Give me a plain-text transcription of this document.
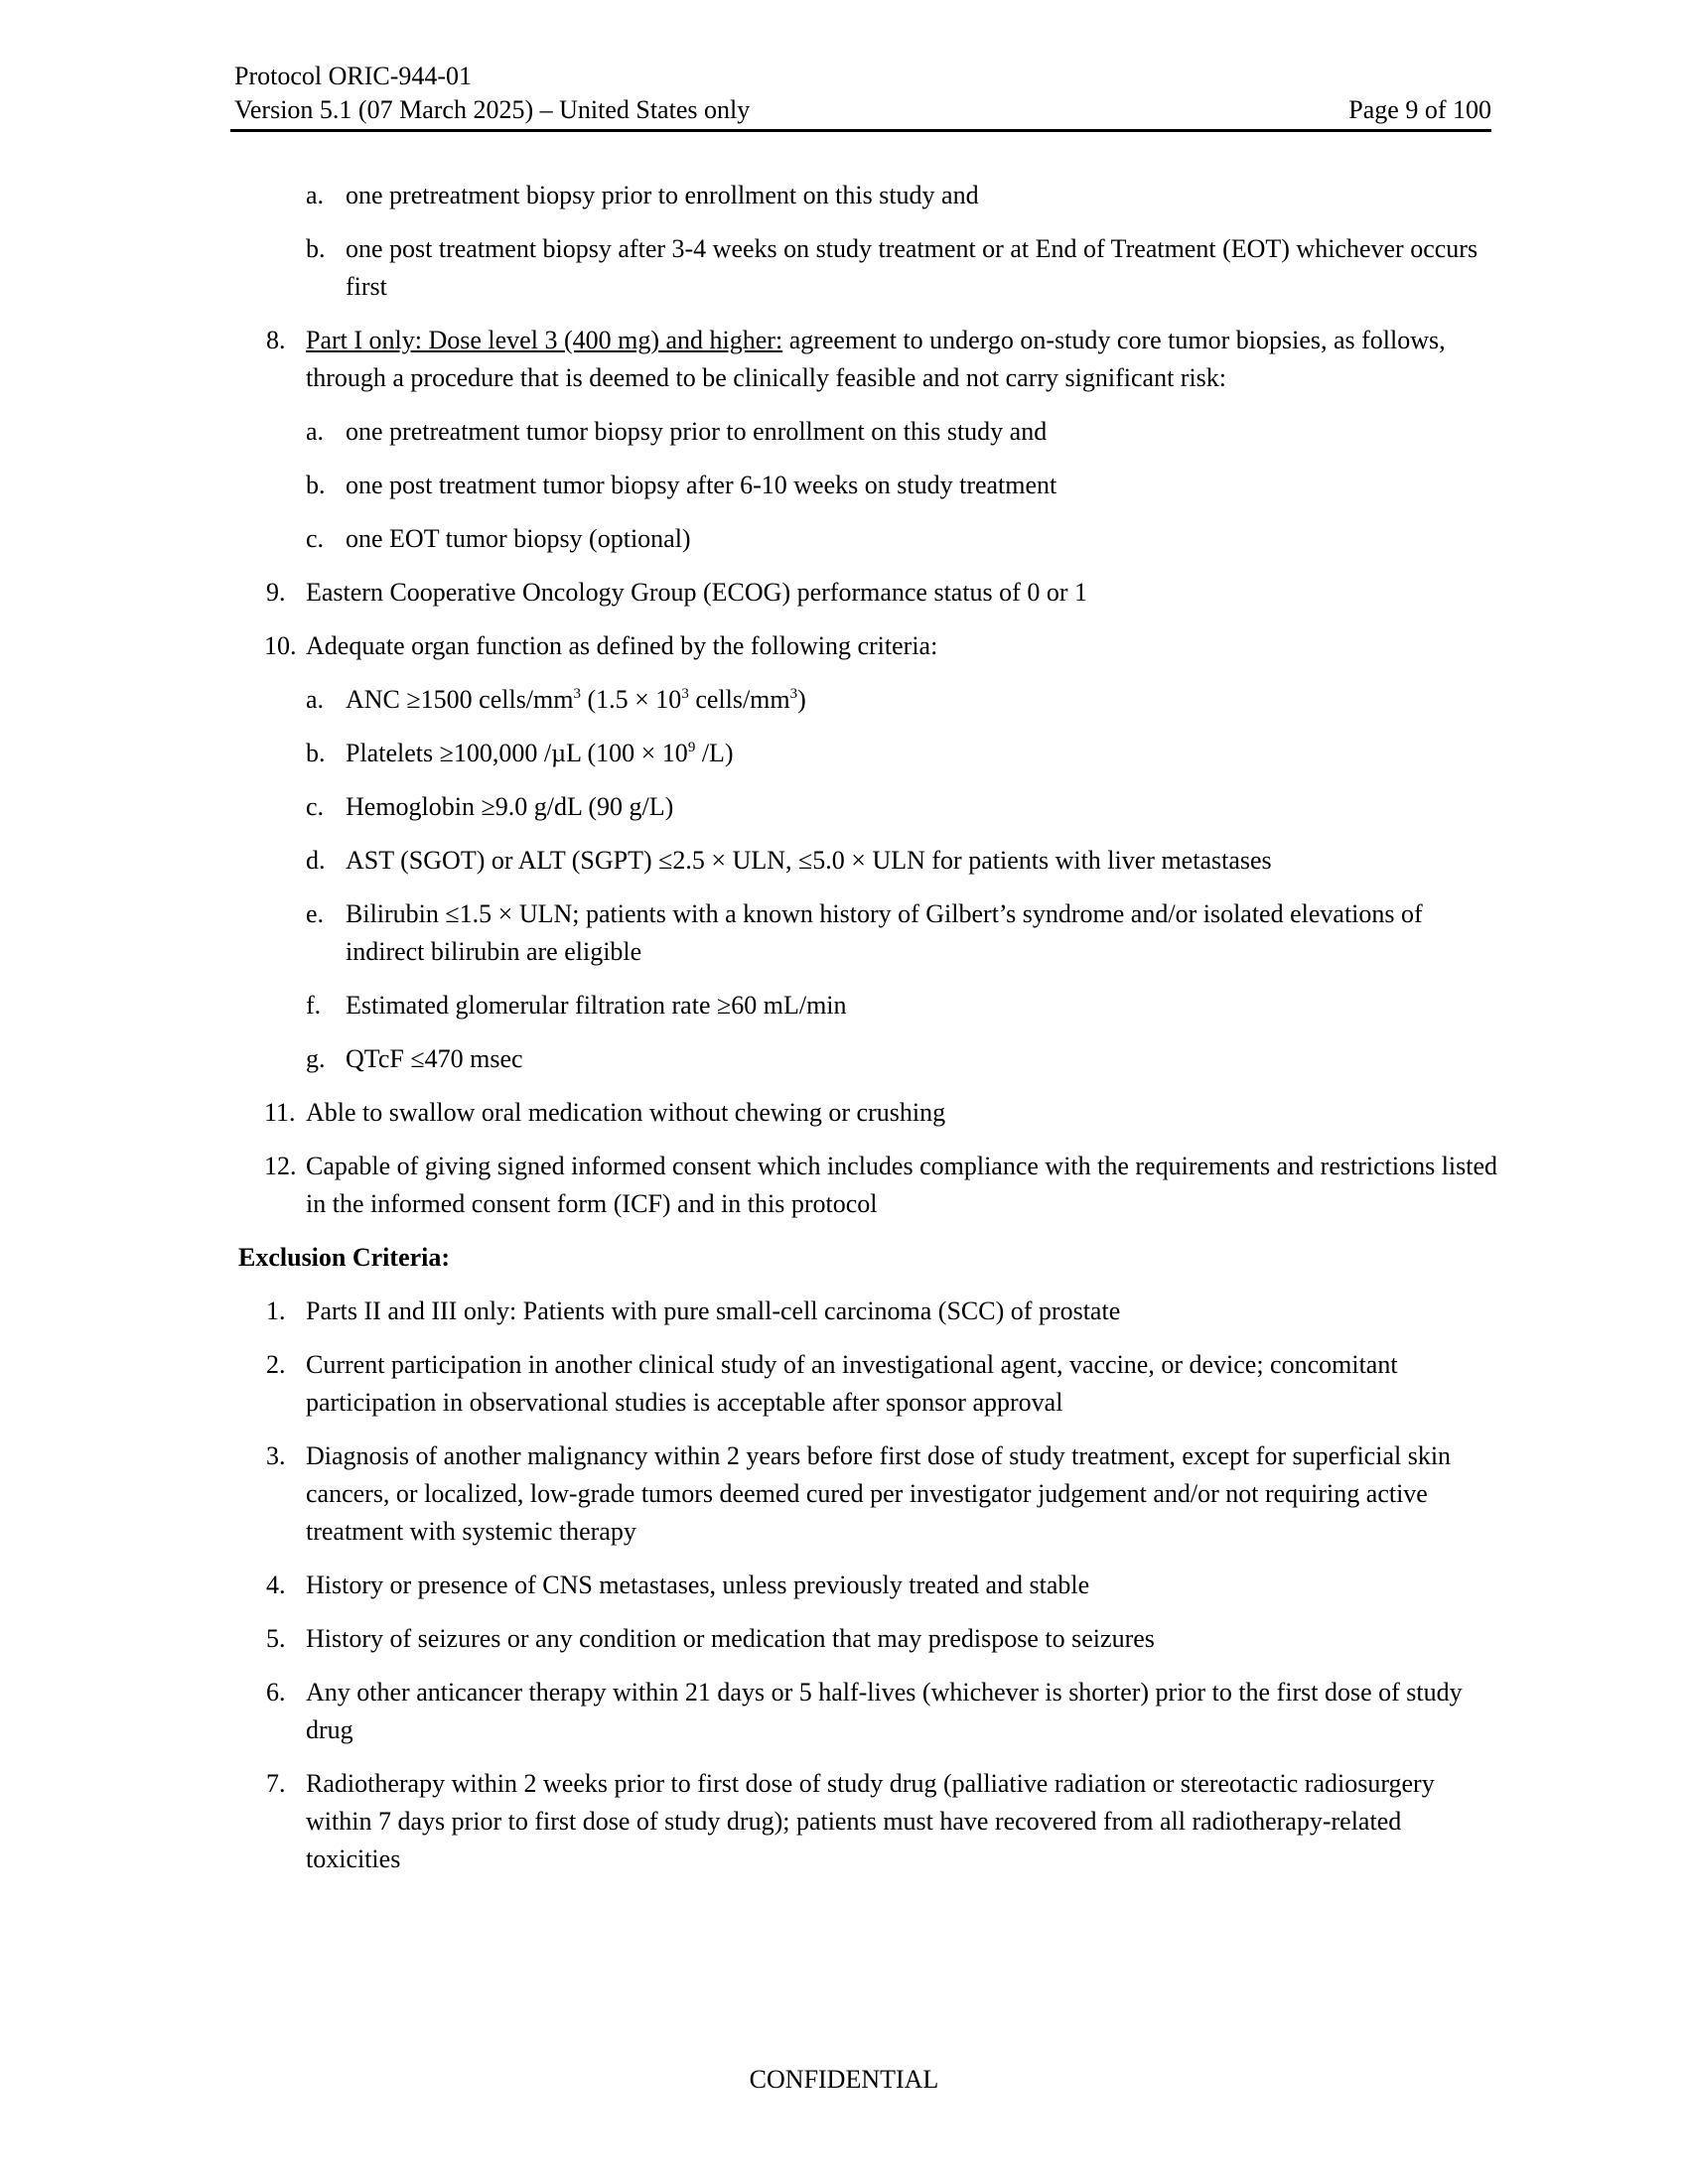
Protocol ORIC-944-01
Version 5.1 (07 March 2025) – United States only	Page 9 of 100
a. one pretreatment biopsy prior to enrollment on this study and
b. one post treatment biopsy after 3-4 weeks on study treatment or at End of Treatment (EOT) whichever occurs first
8. Part I only: Dose level 3 (400 mg) and higher: agreement to undergo on-study core tumor biopsies, as follows, through a procedure that is deemed to be clinically feasible and not carry significant risk:
a. one pretreatment tumor biopsy prior to enrollment on this study and
b. one post treatment tumor biopsy after 6-10 weeks on study treatment
c. one EOT tumor biopsy (optional)
9. Eastern Cooperative Oncology Group (ECOG) performance status of 0 or 1
10. Adequate organ function as defined by the following criteria:
a. ANC ≥1500 cells/$mm^3$ ($1.5 \times 10^3$ cells/$mm^3$)
b. Platelets ≥100,000 /µL ($100 \times 10^9$ /L)
c. Hemoglobin ≥9.0 g/dL (90 g/L)
d. AST (SGOT) or ALT (SGPT) ≤2.5 × ULN, ≤5.0 × ULN for patients with liver metastases
e. Bilirubin ≤1.5 × ULN; patients with a known history of Gilbert’s syndrome and/or isolated elevations of indirect bilirubin are eligible
f. Estimated glomerular filtration rate ≥60 mL/min
g. QTcF ≤470 msec
11. Able to swallow oral medication without chewing or crushing
12. Capable of giving signed informed consent which includes compliance with the requirements and restrictions listed in the informed consent form (ICF) and in this protocol
Exclusion Criteria:
1. Parts II and III only: Patients with pure small-cell carcinoma (SCC) of prostate
2. Current participation in another clinical study of an investigational agent, vaccine, or device; concomitant participation in observational studies is acceptable after sponsor approval
3. Diagnosis of another malignancy within 2 years before first dose of study treatment, except for superficial skin cancers, or localized, low-grade tumors deemed cured per investigator judgement and/or not requiring active treatment with systemic therapy
4. History or presence of CNS metastases, unless previously treated and stable
5. History of seizures or any condition or medication that may predispose to seizures
6. Any other anticancer therapy within 21 days or 5 half-lives (whichever is shorter) prior to the first dose of study drug
7. Radiotherapy within 2 weeks prior to first dose of study drug (palliative radiation or stereotactic radiosurgery within 7 days prior to first dose of study drug); patients must have recovered from all radiotherapy-related toxicities
CONFIDENTIAL
